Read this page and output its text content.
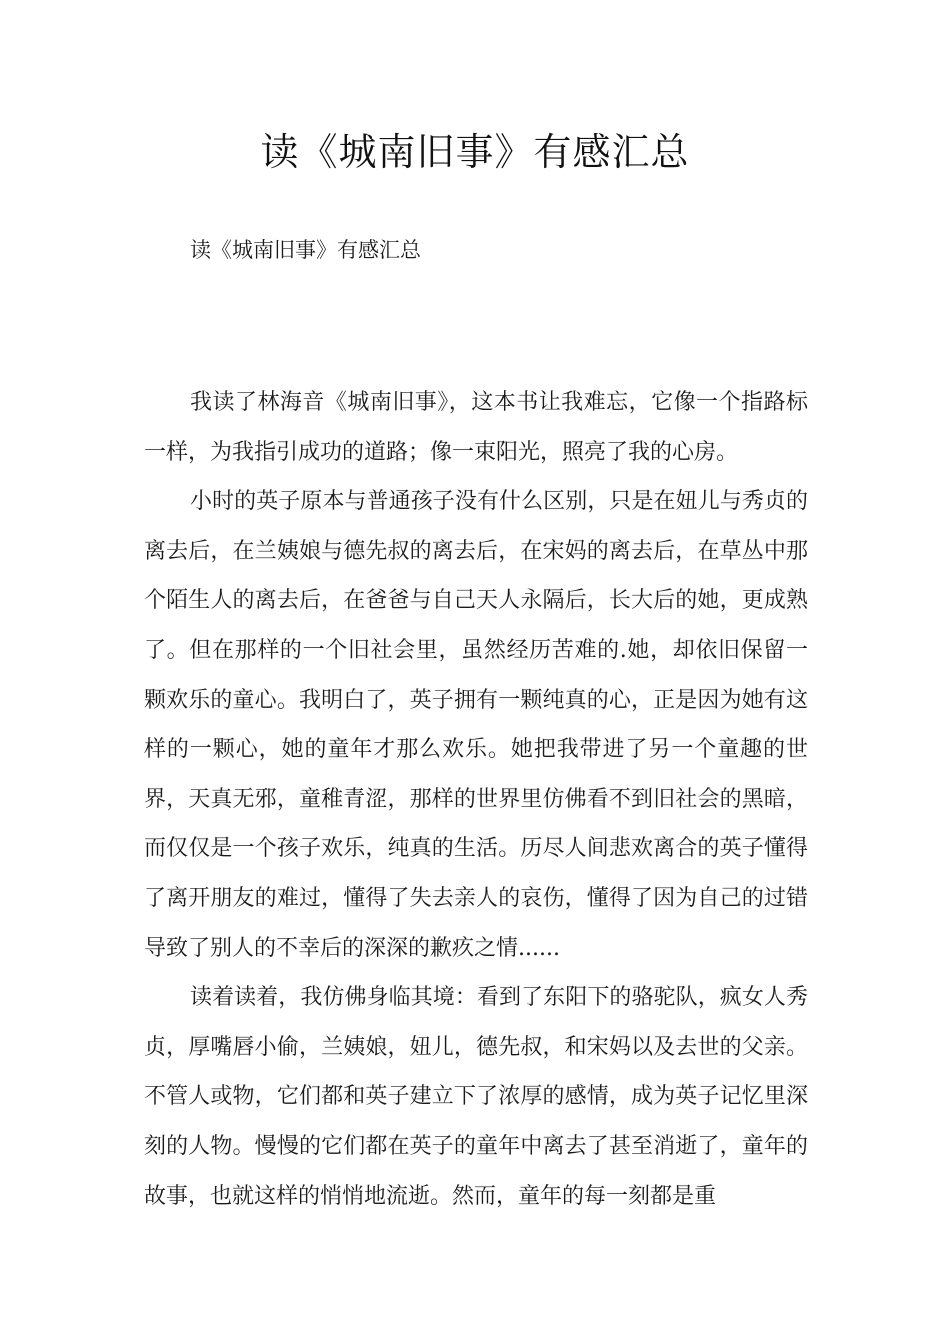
读《城南旧事》有感汇总
读《城南旧事》有感汇总

我读了林海音《城南旧事》，这本书让我难忘，它像一个指路标一样，为我指引成功的道路；像一束阳光，照亮了我的心房。

小时的英子原本与普通孩子没有什么区别，只是在妞儿与秀贞的离去后，在兰姨娘与德先叔的离去后，在宋妈的离去后，在草丛中那个陌生人的离去后，在爸爸与自己天人永隔后，长大后的她，更成熟了。但在那样的一个旧社会里，虽然经历苦难的.她，却依旧保留一颗欢乐的童心。我明白了，英子拥有一颗纯真的心，正是因为她有这样的一颗心，她的童年才那么欢乐。她把我带进了另一个童趣的世界，天真无邪，童稚青涩，那样的世界里仿佛看不到旧社会的黑暗，而仅仅是一个孩子欢乐，纯真的生活。历尽人间悲欢离合的英子懂得了离开朋友的难过，懂得了失去亲人的哀伤，懂得了因为自己的过错导致了别人的不幸后的深深的歉疚之情......

读着读着，我仿佛身临其境：看到了东阳下的骆驼队，疯女人秀贞，厚嘴唇小偷，兰姨娘，妞儿，德先叔，和宋妈以及去世的父亲。不管人或物，它们都和英子建立下了浓厚的感情，成为英子记忆里深刻的人物。慢慢的它们都在英子的童年中离去了甚至消逝了，童年的故事，也就这样的悄悄地流逝。然而，童年的每一刻都是重
